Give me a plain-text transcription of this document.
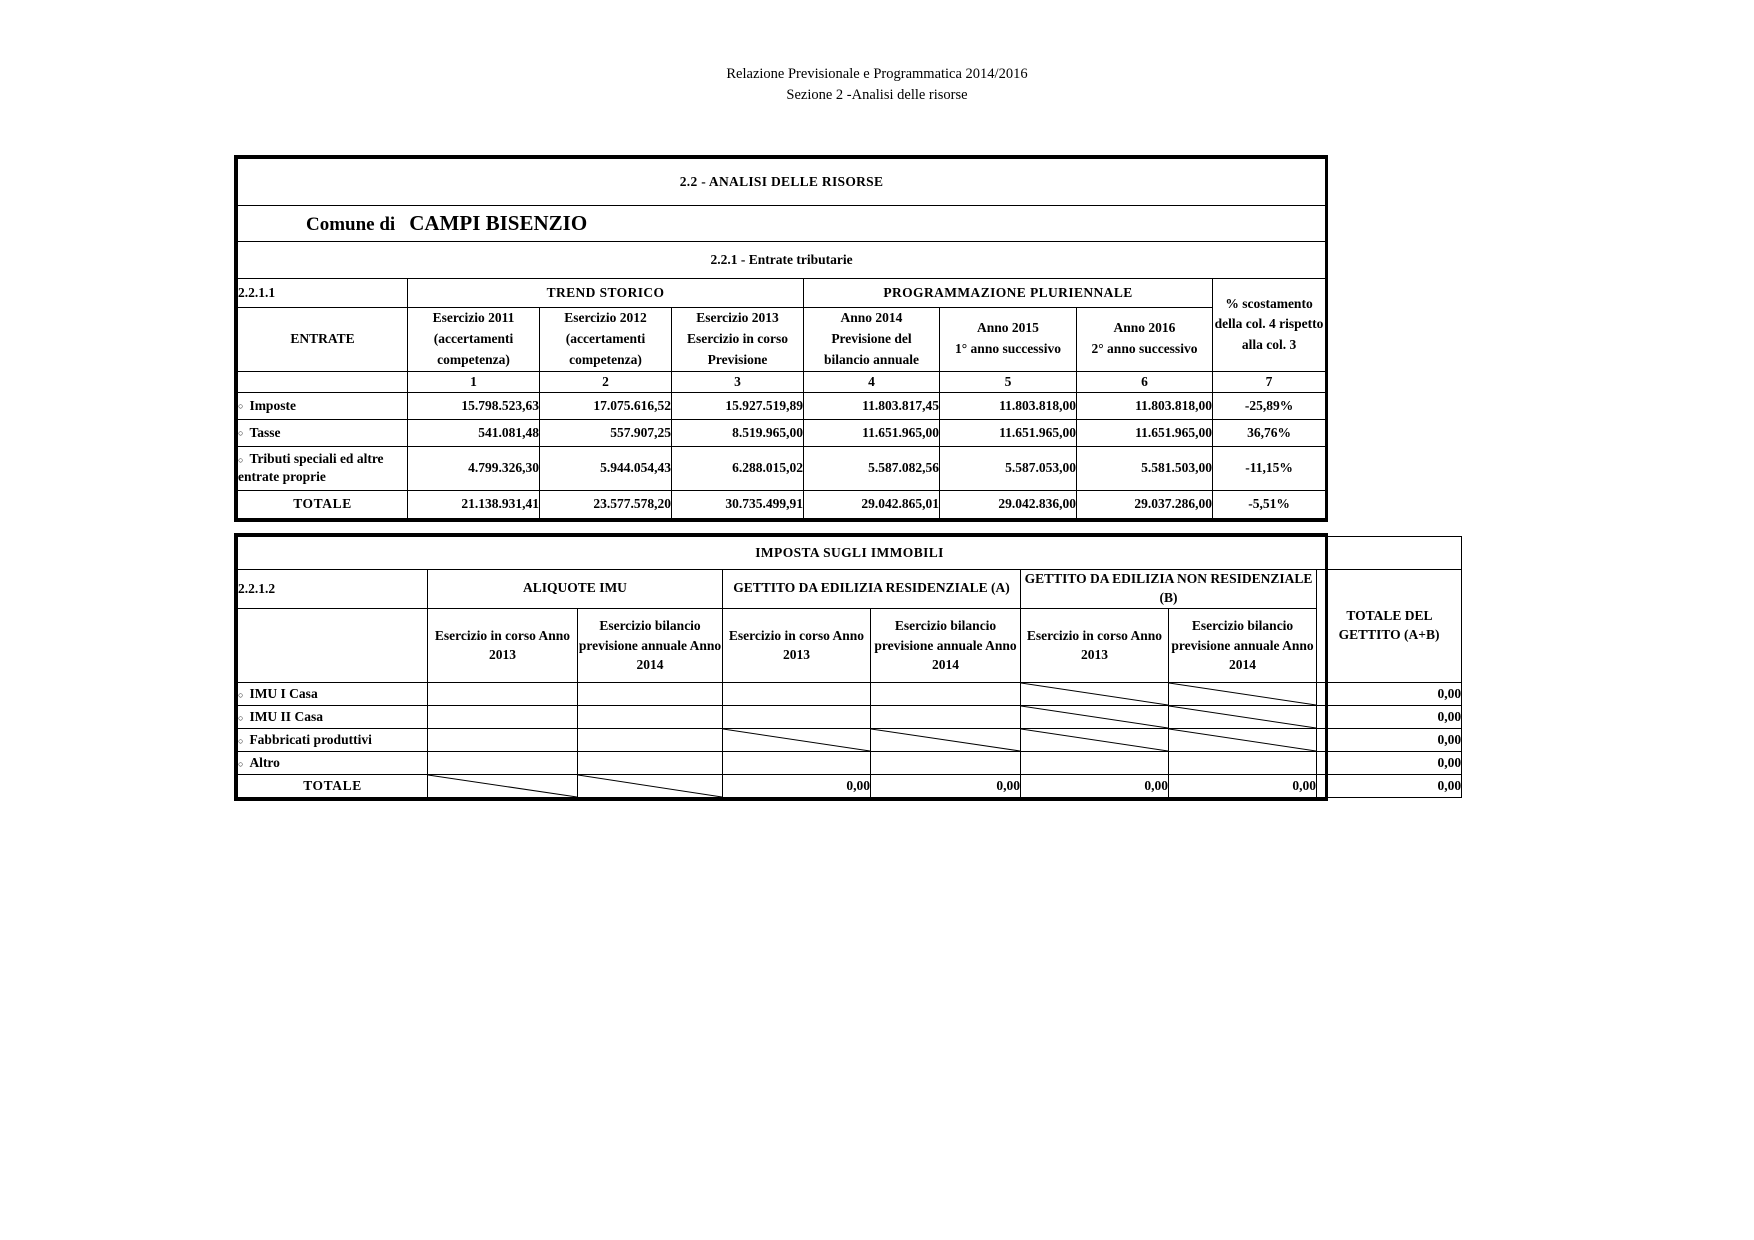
Relazione Previsionale e Programmatica 2014/2016
Sezione 2 -Analisi delle risorse
2.2 - ANALISI DELLE RISORSE							

Comune di CAMPI BISENZIO							

2.2.1 - Entrate tributarie							
2.2.1.1	TREND STORICO			PROGRAMMAZIONE PLURIENNALE			% scostamento
della col. 4 rispetto
alla col. 3

ENTRATE	Esercizio 2011
(accertamenti
competenza)	Esercizio 2012
(accertamenti
competenza)	Esercizio 2013
Esercizio in corso
Previsione	Anno 2014
Previsione del
bilancio annuale	Anno 2015
1° anno successivo	Anno 2016
2° anno successivo	

	1	2	3	4	5	6	7
○ Imposte	15.798.523,63	17.075.616,52	15.927.519,89	11.803.817,45	11.803.818,00	11.803.818,00	-25,89%
○ Tasse	541.081,48	557.907,25	8.519.965,00	11.651.965,00	11.651.965,00	11.651.965,00	36,76%
○ Tributi speciali ed altre entrate proprie	4.799.326,30	5.944.054,43	6.288.015,02	5.587.082,56	5.587.053,00	5.581.503,00	-11,15%
TOTALE	21.138.931,41	23.577.578,20	30.735.499,91	29.042.865,01	29.042.836,00	29.037.286,00	-5,51%
IMPOSTA SUGLI IMMOBILI							
2.2.1.2	ALIQUOTE IMU		GETTITO DA EDILIZIA RESIDENZIALE (A)		GETTITO DA EDILIZIA NON RESIDENZIALE (B)		TOTALE DEL GETTITO (A+B)
	Esercizio in corso Anno 2013	Esercizio bilancio previsione annuale Anno 2014	Esercizio in corso Anno 2013	Esercizio bilancio previsione annuale Anno 2014	Esercizio in corso Anno 2013	Esercizio bilancio previsione annuale Anno 2014	
○ IMU I Casa							0,00
○ IMU II Casa							0,00
○ Fabbricati produttivi							0,00
○ Altro							0,00
TOTALE			0,00	0,00	0,00	0,00	0,00
